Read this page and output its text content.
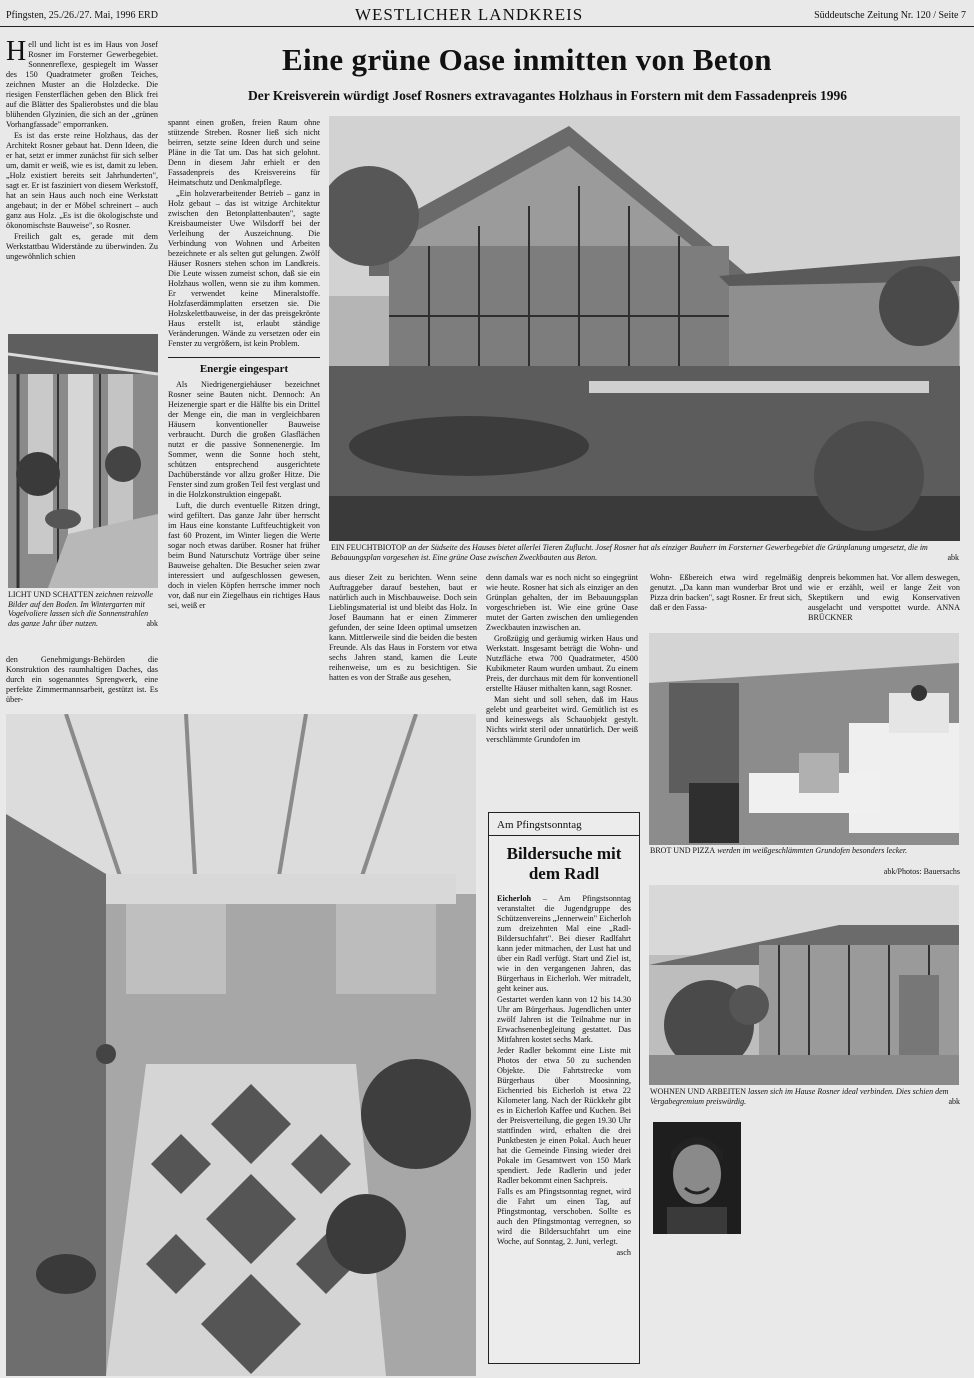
Pfingsten, 25./26./27. Mai, 1996 ERD	WESTLICHER LANDKREIS	Süddeutsche Zeitung Nr. 120 / Seite 7
Eine grüne Oase inmitten von Beton
Der Kreisverein würdigt Josef Rosners extravagantes Holzhaus in Forstern mit dem Fassadenpreis 1996
H ell und licht ist es im Haus von Josef Rosner im Forsterner Gewerbegebiet. Sonnenreflexe, gespiegelt im Wasser des 150 Quadratmeter großen Teiches, zeichnen Muster an die Holzdecke. Die riesigen Fensterflächen geben den Blick frei auf die Blätter des Spalierobstes und die blau blühenden Glyzinien, die sich an der „grünen Vorhangfassade" emporranken.

Es ist das erste reine Holzhaus, das der Architekt Rosner gebaut hat. Denn Ideen, die er hat, setzt er immer zunächst für sich selber um, damit er weiß, wie es ist, damit zu leben. „Holz existiert bereits seit Jahrhunderten", sagt er. Er ist fasziniert von diesem Werkstoff, hat an sein Haus auch noch eine Werkstatt angebaut; in der er Möbel schreinert – auch ganz aus Holz. „Es ist die ökologischste und ökonomischste Bauweise", so Rosner.

Freilich galt es, gerade mit dem Werkstattbau Widerstände zu überwinden. Zu ungewöhnlich schien

LICHT UND SCHATTEN zeichnen reizvolle Bilder auf den Boden. Im Wintergarten mit Vogelvoliere lassen sich die Sonnenstrahlen das ganze Jahr über nutzen.	abk

den Genehmigungs-Behörden die Konstruktion des raumhaltigen Daches, das durch ein sogenanntes Sprengwerk, eine perfekte Zimmermannsarbeit, gestützt ist. Es über-

spannt einen großen, freien Raum ohne stützende Streben. Rosner ließ sich nicht beirren, setzte seine Ideen durch und seine Pläne in die Tat um. Das hat sich gelohnt. Denn in diesem Jahr erhielt er den Fassadenpreis des Kreisvereins für Heimatschutz und Denkmalpflege.

„Ein holzverarbeitender Betrieb – ganz in Holz gebaut – das ist witzige Architektur zwischen den Betonplattenbauten", sagte Kreisbaumeister Uwe Wilsdorff bei der Verleihung der Auszeichnung. Die Verbindung von Wohnen und Arbeiten bezeichnete er als selten gut gelungen. Zwölf Häuser Rosners stehen schon im Landkreis. Die Leute wissen zumeist schon, daß sie ein Holzhaus wollen, wenn sie zu ihm kommen. Er verwendet keine Mineralstoffe. Holzfaserdämmplatten ersetzen sie. Die Holzskelettbauweise, in der das preisgekrönte Haus erstellt ist, erlaubt ständige Veränderungen. Wände zu versetzen oder ein Fenster zu vergrößern, ist kein Problem.

Energie eingespart

Als Niedrigenergiehäuser bezeichnet Rosner seine Bauten nicht. Dennoch: An Heizenergie spart er die Hälfte bis ein Drittel der Menge ein, die man in vergleichbaren Häusern konventioneller Bauweise verbraucht. Durch die großen Glasflächen nutzt er die passive Sonnenenergie. Im Sommer, wenn die Sonne hoch steht, schützen entsprechend ausgerichtete Dachüberstände vor allzu großer Hitze. Die Fenster sind zum großen Teil fest verglast und in die Holzkonstruktion eingepaßt.

Luft, die durch eventuelle Ritzen dringt, wird gefiltert. Das ganze Jahr über herrscht im Haus eine konstante Luftfeuchtigkeit von fast 60 Prozent, im Winter liegen die Werte sogar noch etwas darüber. Rosner hat früher beim Bund Naturschutz Vorträge über seine Bauweise gehalten. Die Besucher seien zwar interessiert und aufgeschlossen gewesen, doch in vielen Köpfen herrsche immer noch vor, daß nur ein Ziegelhaus ein richtiges Haus sei, weiß er

EIN FEUCHTBIOTOP an der Südseite des Hauses bietet allerlei Tieren Zuflucht. Josef Rosner hat als einziger Bauherr im Forsterner Gewerbegebiet die Grünplanung umgesetzt, die im Bebauungsplan vorgesehen ist. Eine grüne Oase zwischen Zweckbauten aus Beton.	abk

aus dieser Zeit zu berichten. Wenn seine Auftraggeber darauf bestehen, baut er natürlich auch in Mischbauweise. Doch sein Lieblingsmaterial ist und bleibt das Holz. In Josef Baumann hat er einen Zimmerer gefunden, der seine Ideen optimal umsetzen kann. Mittlerweile sind die beiden die besten Freunde. Als das Haus in Forstern vor etwa sechs Jahren stand, kamen die Leute reihenweise, um es zu besichtigen. Sie hatten es von der Straße aus gesehen,

denn damals war es noch nicht so eingegrünt wie heute. Rosner hat sich als einziger an den Grünplan gehalten, der im Bebauungsplan vorgeschrieben ist. Wie eine grüne Oase mutet der Garten zwischen den umliegenden Zweckbauten inzwischen an.

Großzügig und geräumig wirken Haus und Werkstatt. Insgesamt beträgt die Wohn- und Nutzfläche etwa 700 Quadratmeter, 4500 Kubikmeter Raum wurden umbaut. Zu einem Preis, der durchaus mit dem für konventionell erstellte Häuser mithalten kann, sagt Rosner.

Man sieht und soll sehen, daß im Haus gelebt und gearbeitet wird. Gemütlich ist es und keineswegs als Schauobjekt gestylt. Nichts wirkt steril oder unnatürlich. Der weiß verschlämmte Grundofen im

Wohn- Eßbereich etwa wird regelmäßig genutzt. „Da kann man wunderbar Brot und Pizza drin backen", sagt Rosner. Er freut sich, daß er den Fassa-

denpreis bekommen hat. Vor allem deswegen, wie er erzählt, weil er lange Zeit von Skeptikern und ewig Konservativen ausgelacht und verspottet wurde. ANNA BRÜCKNER

BROT UND PIZZA werden im weißgeschlämmten Grundofen besonders lecker.
abk/Photos: Bauersachs
WOHNEN UND ARBEITEN lassen sich im Hause Rosner ideal verbinden. Dies schien dem Vergabegremium preiswürdig.	abk
Am Pfingstsonntag
Bildersuche mit dem Radl

Eicherloh – Am Pfingstsonntag veranstaltet die Jugendgruppe des Schützenvereins „Jennerwein" Eicherloh zum dreizehnten Mal eine „Radl-Bildersuchfahrt". Bei dieser Radlfahrt kann jeder mitmachen, der Lust hat und über ein Radl verfügt. Start und Ziel ist, wie in den vergangenen Jahren, das Bürgerhaus in Eicherloh. Wer mitradelt, geht keiner aus.

Gestartet werden kann von 12 bis 14.30 Uhr am Bürgerhaus. Jugendlichen unter zwölf Jahren ist die Teilnahme nur in Erwachsenenbegleitung gestattet. Das Mitfahren kostet sechs Mark.

Jeder Radler bekommt eine Liste mit Photos der etwa 50 zu suchenden Objekte. Die Fahrtstrecke vom Bürgerhaus über Moosinning, Eichenried bis Eicherloh ist etwa 22 Kilometer lang. Nach der Rückkehr gibt es in Eicherloh Kaffee und Kuchen. Bei der Preisverteilung, die gegen 19.30 Uhr stattfinden wird, erhalten die drei Punktbesten je einen Pokal. Auch heuer hat die Gemeinde Finsing wieder drei Pokale im Gesamtwert von 150 Mark spendiert. Jede Radlerin und jeder Radler bekommt einen Sachpreis.

Falls es am Pfingstsonntag regnet, wird die Fahrt um einen Tag, auf Pfingstmontag, verschoben. Sollte es auch den Pfingstmontag verregnen, so wird die Bildersuchfahrt um eine Woche, auf Sonntag, 2. Juni, verlegt.

asch
